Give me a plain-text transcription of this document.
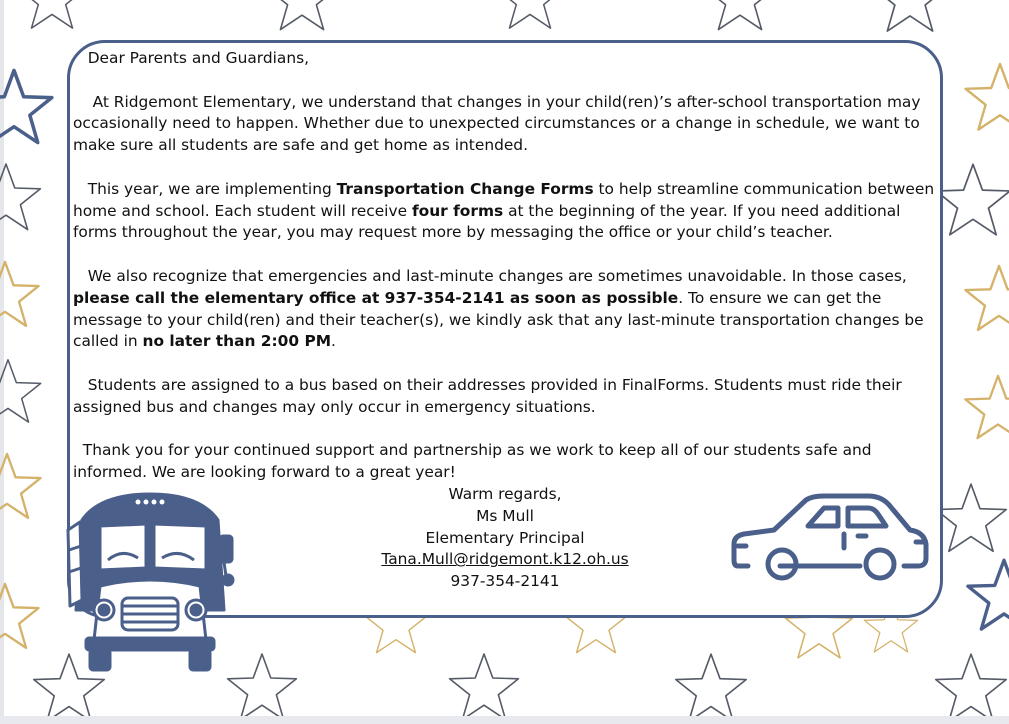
Dear Parents and Guardians,

At Ridgemont Elementary, we understand that changes in your child(ren)’s after-school transportation may occasionally need to happen. Whether due to unexpected circumstances or a change in schedule, we want to make sure all students are safe and get home as intended.

This year, we are implementing Transportation Change Forms to help streamline communication between home and school. Each student will receive four forms at the beginning of the year. If you need additional forms throughout the year, you may request more by messaging the office or your child’s teacher.

We also recognize that emergencies and last-minute changes are sometimes unavoidable. In those cases, please call the elementary office at 937-354-2141 as soon as possible. To ensure we can get the message to your child(ren) and their teacher(s), we kindly ask that any last-minute transportation changes be called in no later than 2:00 PM.

Students are assigned to a bus based on their addresses provided in FinalForms. Students must ride their assigned bus and changes may only occur in emergency situations.

Thank you for your continued support and partnership as we work to keep all of our students safe and informed. We are looking forward to a great year!

Warm regards,
Ms Mull
Elementary Principal
Tana.Mull@ridgemont.k12.oh.us
937-354-2141
